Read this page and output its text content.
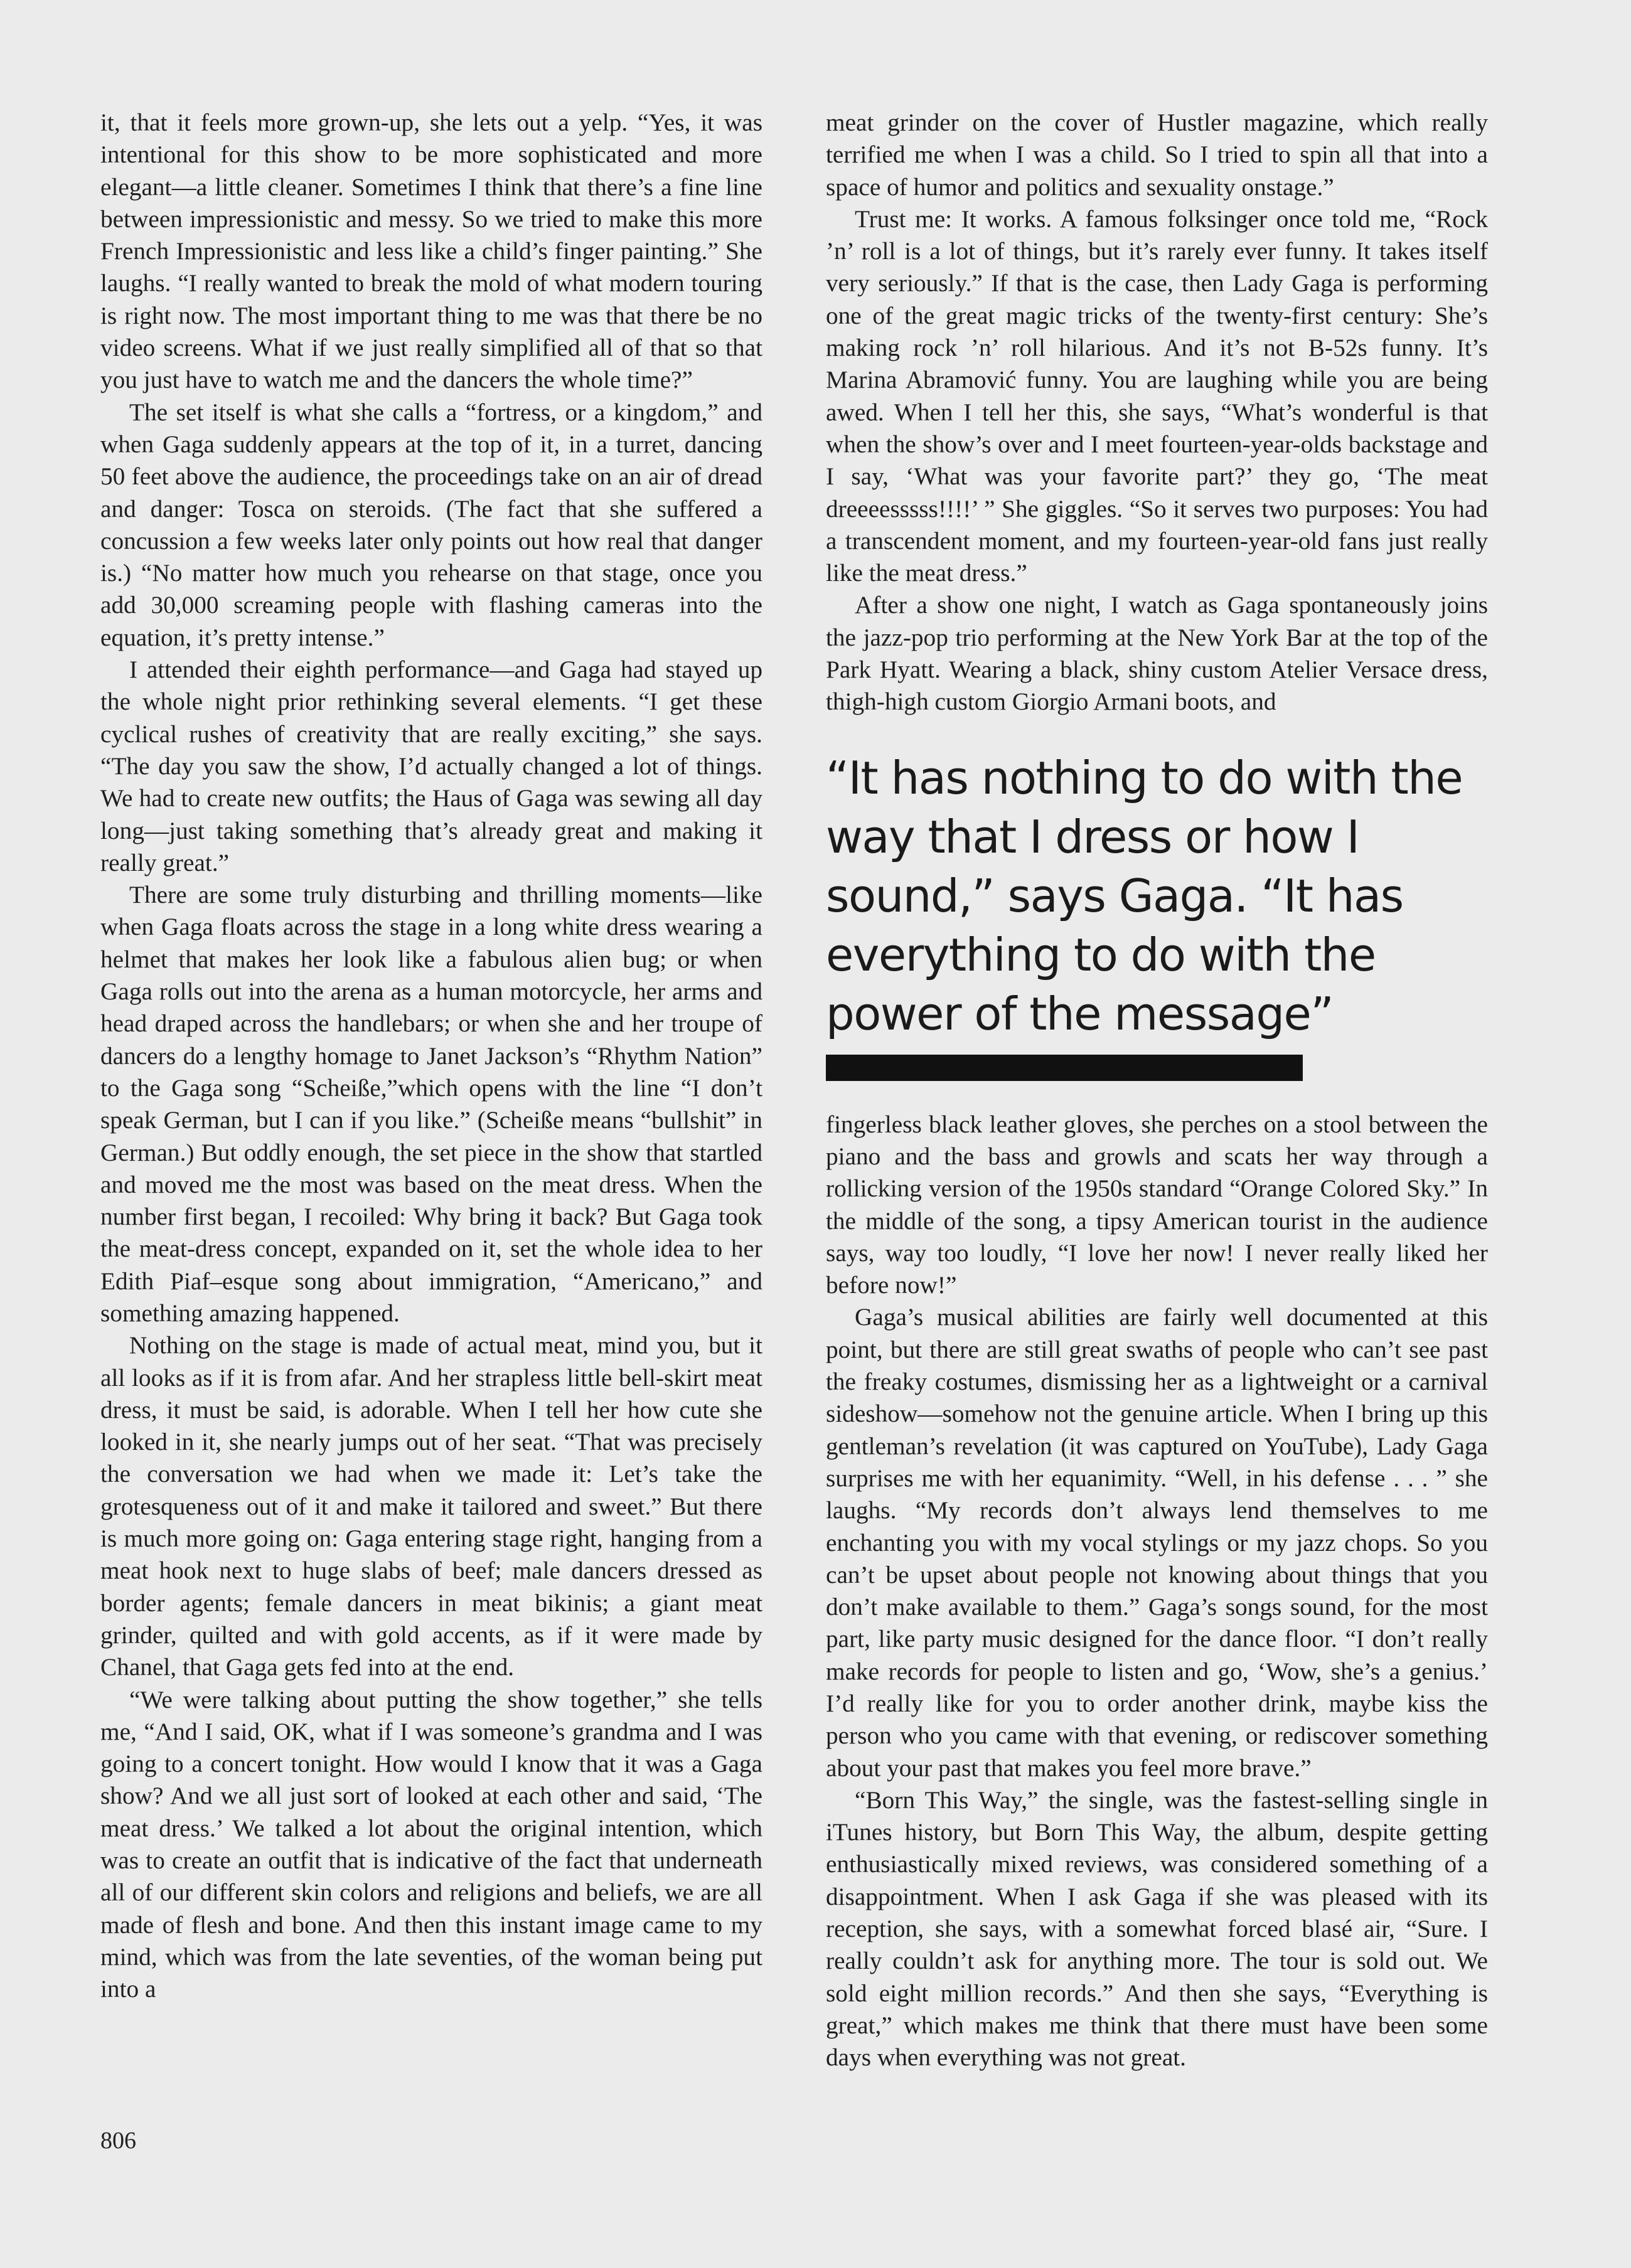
it, that it feels more grown-up, she lets out a yelp. “Yes, it was intentional for this show to be more sophisticated and more elegant—a little cleaner. Sometimes I think that there’s a fine line between impressionistic and messy. So we tried to make this more French Impressionistic and less like a child’s finger painting.” She laughs. “I really wanted to break the mold of what modern touring is right now. The most important thing to me was that there be no video screens. What if we just really simplified all of that so that you just have to watch me and the dancers the whole time?”

The set itself is what she calls a “fortress, or a kingdom,” and when Gaga suddenly appears at the top of it, in a turret, dancing 50 feet above the audience, the proceedings take on an air of dread and danger: Tosca on steroids. (The fact that she suffered a concussion a few weeks later only points out how real that danger is.) “No matter how much you rehearse on that stage, once you add 30,000 screaming people with flashing cameras into the equation, it’s pretty intense.”

I attended their eighth performance—and Gaga had stayed up the whole night prior rethinking several elements. “I get these cyclical rushes of creativity that are really exciting,” she says. “The day you saw the show, I’d actually changed a lot of things. We had to create new outfits; the Haus of Gaga was sewing all day long—just taking something that’s already great and making it really great.”

There are some truly disturbing and thrilling moments—like when Gaga floats across the stage in a long white dress wearing a helmet that makes her look like a fabulous alien bug; or when Gaga rolls out into the arena as a human motorcycle, her arms and head draped across the handlebars; or when she and her troupe of dancers do a lengthy homage to Janet Jackson’s “Rhythm Nation” to the Gaga song “Scheiße,”which opens with the line “I don’t speak German, but I can if you like.” (Scheiße means “bullshit” in German.) But oddly enough, the set piece in the show that startled and moved me the most was based on the meat dress. When the number first began, I recoiled: Why bring it back? But Gaga took the meat-dress concept, expanded on it, set the whole idea to her Edith Piaf–esque song about immigration, “Americano,” and something amazing happened.

Nothing on the stage is made of actual meat, mind you, but it all looks as if it is from afar. And her strapless little bell-skirt meat dress, it must be said, is adorable. When I tell her how cute she looked in it, she nearly jumps out of her seat. “That was precisely the conversation we had when we made it: Let’s take the grotesqueness out of it and make it tailored and sweet.” But there is much more going on: Gaga entering stage right, hanging from a meat hook next to huge slabs of beef; male dancers dressed as border agents; female dancers in meat bikinis; a giant meat grinder, quilted and with gold accents, as if it were made by Chanel, that Gaga gets fed into at the end.

“We were talking about putting the show together,” she tells me, “And I said, OK, what if I was someone’s grandma and I was going to a concert tonight. How would I know that it was a Gaga show? And we all just sort of looked at each other and said, ‘The meat dress.’ We talked a lot about the original intention, which was to create an outfit that is indicative of the fact that underneath all of our different skin colors and religions and beliefs, we are all made of flesh and bone. And then this instant image came to my mind, which was from the late seventies, of the woman being put into a

meat grinder on the cover of Hustler magazine, which really terrified me when I was a child. So I tried to spin all that into a space of humor and politics and sexuality onstage.”

Trust me: It works. A famous folksinger once told me, “Rock ’n’ roll is a lot of things, but it’s rarely ever funny. It takes itself very seriously.” If that is the case, then Lady Gaga is performing one of the great magic tricks of the twenty-first century: She’s making rock ’n’ roll hilarious. And it’s not B-52s funny. It’s Marina Abramović funny. You are laughing while you are being awed. When I tell her this, she says, “What’s wonderful is that when the show’s over and I meet fourteen-year-olds backstage and I say, ‘What was your favorite part?’ they go, ‘The meat dreeeesssss!!!!’ ” She giggles. “So it serves two purposes: You had a transcendent moment, and my fourteen-year-old fans just really like the meat dress.”

After a show one night, I watch as Gaga spontaneously joins the jazz-pop trio performing at the New York Bar at the top of the Park Hyatt. Wearing a black, shiny custom Atelier Versace dress, thigh-high custom Giorgio Armani boots, and

“It has nothing to do with the way that I dress or how I sound,” says Gaga. “It has everything to do with the power of the message”

fingerless black leather gloves, she perches on a stool between the piano and the bass and growls and scats her way through a rollicking version of the 1950s standard “Orange Colored Sky.” In the middle of the song, a tipsy American tourist in the audience says, way too loudly, “I love her now! I never really liked her before now!”

Gaga’s musical abilities are fairly well documented at this point, but there are still great swaths of people who can’t see past the freaky costumes, dismissing her as a lightweight or a carnival sideshow—somehow not the genuine article. When I bring up this gentleman’s revelation (it was captured on YouTube), Lady Gaga surprises me with her equanimity. “Well, in his defense . . . ” she laughs. “My records don’t always lend themselves to me enchanting you with my vocal stylings or my jazz chops. So you can’t be upset about people not knowing about things that you don’t make available to them.” Gaga’s songs sound, for the most part, like party music designed for the dance floor. “I don’t really make records for people to listen and go, ‘Wow, she’s a genius.’ I’d really like for you to order another drink, maybe kiss the person who you came with that evening, or rediscover something about your past that makes you feel more brave.”

“Born This Way,” the single, was the fastest-selling single in iTunes history, but Born This Way, the album, despite getting enthusiastically mixed reviews, was considered something of a disappointment. When I ask Gaga if she was pleased with its reception, she says, with a somewhat forced blasé air, “Sure. I really couldn’t ask for anything more. The tour is sold out. We sold eight million records.” And then she says, “Everything is great,” which makes me think that there must have been some days when everything was not great.

806
